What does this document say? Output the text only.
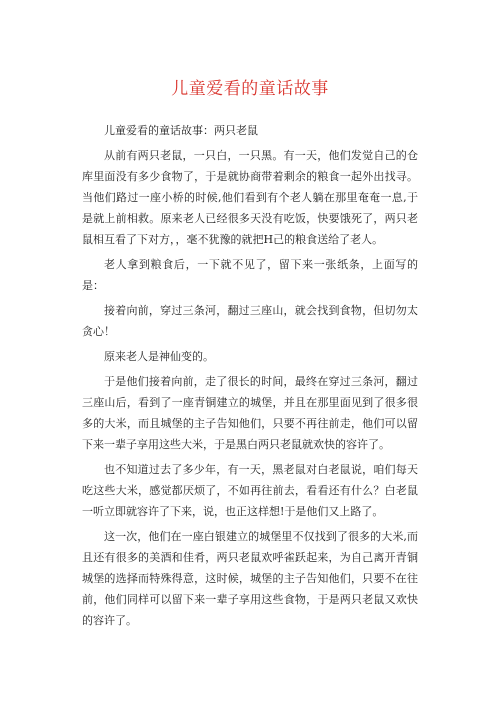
儿童爱看的童话故事

儿童爱看的童话故事：两只老鼠

从前有两只老鼠，一只白，一只黑。有一天，他们发觉自己的仓库里面没有多少食物了，于是就协商带着剩余的粮食一起外出找寻。当他们路过一座小桥的时候,他们看到有个老人躺在那里奄奄一息,于是就上前相救。原来老人已经很多天没有吃饭，快要饿死了，两只老鼠相互看了下对方，，毫不犹豫的就把H己的粮食送给了老人。

老人拿到粮食后，一下就不见了，留下来一张纸条，上面写的是：

接着向前，穿过三条河，翻过三座山，就会找到食物，但切勿太贪心！

原来老人是神仙变的。

于是他们接着向前，走了很长的时间，最终在穿过三条河，翻过三座山后，看到了一座青铜建立的城堡，并且在那里面见到了很多很多的大米，而且城堡的主子告知他们，只要不再往前走，他们可以留下来一辈子享用这些大米，于是黑白两只老鼠就欢快的容许了。

也不知道过去了多少年，有一天，黑老鼠对白老鼠说，咱们每天吃这些大米，感觉都厌烦了，不如再往前去，看看还有什么？白老鼠一听立即就容许了下来，说，也正这样想!于是他们又上路了。

这一次，他们在一座白银建立的城堡里不仅找到了很多的大米,而且还有很多的美酒和佳肴，两只老鼠欢呼雀跃起来，为自己离开青铜城堡的选择而特殊得意，这时候，城堡的主子告知他们，只要不在往前，他们同样可以留下来一辈子享用这些食物，于是两只老鼠又欢快的容许了。
